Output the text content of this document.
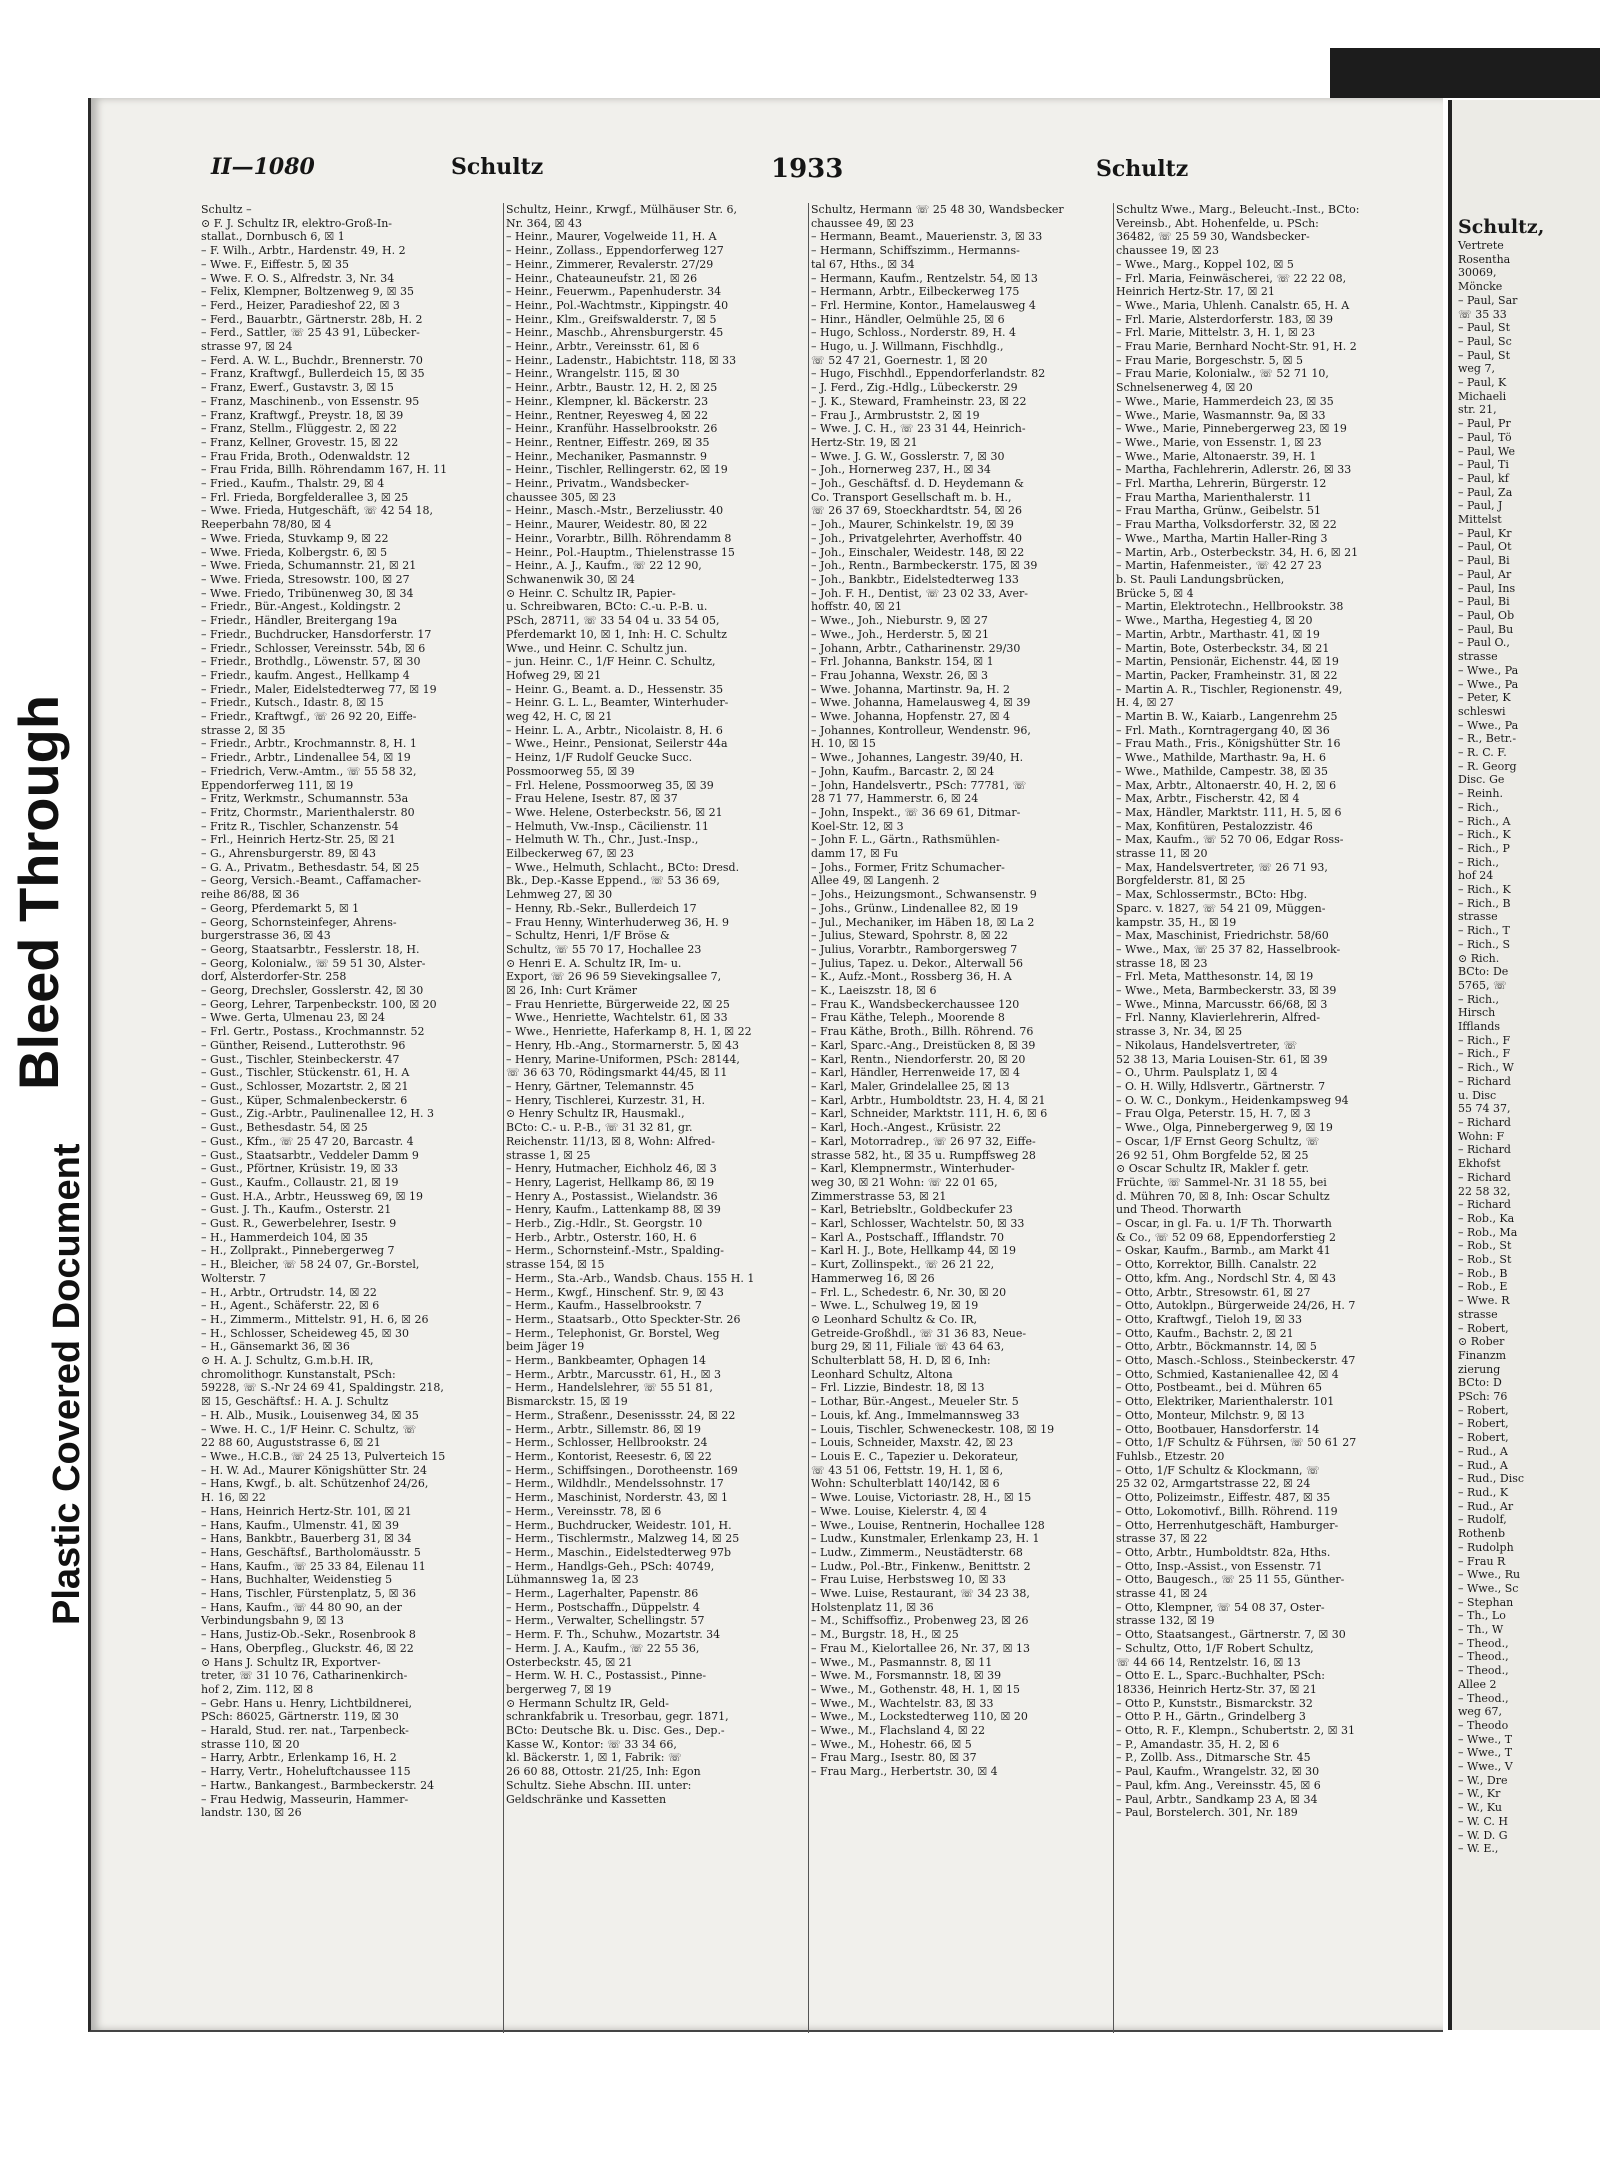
Bleed Through
Plastic Covered Document
II—1080	Schultz	1933	Schultz
Schultz –
⊙ F. J. Schultz IR, elektro-Groß-In-
stallat., Dornbusch 6, ☒ 1
– F. Wilh., Arbtr., Hardenstr. 49, H. 2
– Wwe. F., Eiffestr. 5, ☒ 35
– Wwe. F. O. S., Alfredstr. 3, Nr. 34
– Felix, Klempner, Boltzenweg 9, ☒ 35
– Ferd., Heizer, Paradieshof 22, ☒ 3
– Ferd., Bauarbtr., Gärtnerstr. 28b, H. 2
– Ferd., Sattler, ☏ 25 43 91, Lübecker-
strasse 97, ☒ 24
– Ferd. A. W. L., Buchdr., Brennerstr. 70
– Franz, Kraftwgf., Bullerdeich 15, ☒ 35
– Franz, Ewerf., Gustavstr. 3, ☒ 15
– Franz, Maschinenb., von Essenstr. 95
– Franz, Kraftwgf., Preystr. 18, ☒ 39
– Franz, Stellm., Flüggestr. 2, ☒ 22
– Franz, Kellner, Grovestr. 15, ☒ 22
– Frau Frida, Broth., Odenwaldstr. 12
– Frau Frida, Billh. Röhrendamm 167, H. 11
– Fried., Kaufm., Thalstr. 29, ☒ 4
– Frl. Frieda, Borgfelderallee 3, ☒ 25
– Wwe. Frieda, Hutgeschäft, ☏ 42 54 18,
Reeperbahn 78/80, ☒ 4
– Wwe. Frieda, Stuvkamp 9, ☒ 22
– Wwe. Frieda, Kolbergstr. 6, ☒ 5
– Wwe. Frieda, Schumannstr. 21, ☒ 21
– Wwe. Frieda, Stresowstr. 100, ☒ 27
– Wwe. Friedo, Tribünenweg 30, ☒ 34
– Friedr., Bür.-Angest., Koldingstr. 2
– Friedr., Händler, Breitergang 19a
– Friedr., Buchdrucker, Hansdorferstr. 17
– Friedr., Schlosser, Vereinsstr. 54b, ☒ 6
– Friedr., Brothdlg., Löwenstr. 57, ☒ 30
– Friedr., kaufm. Angest., Hellkamp 4
– Friedr., Maler, Eidelstedterweg 77, ☒ 19
– Friedr., Kutsch., Idastr. 8, ☒ 15
– Friedr., Kraftwgf., ☏ 26 92 20, Eiffe-
strasse 2, ☒ 35
– Friedr., Arbtr., Krochmannstr. 8, H. 1
– Friedr., Arbtr., Lindenallee 54, ☒ 19
– Friedrich, Verw.-Amtm., ☏ 55 58 32,
Eppendorferweg 111, ☒ 19
– Fritz, Werkmstr., Schumannstr. 53a
– Fritz, Chormstr., Marienthalerstr. 80
– Fritz R., Tischler, Schanzenstr. 54
– Frl., Heinrich Hertz-Str. 25, ☒ 21
– G., Ahrensburgerstr. 89, ☒ 43
– G. A., Privatm., Bethesdastr. 54, ☒ 25
– Georg, Versich.-Beamt., Caffamacher-
reihe 86/88, ☒ 36
– Georg, Pferdemarkt 5, ☒ 1
– Georg, Schornsteinfeger, Ahrens-
burgerstrasse 36, ☒ 43
– Georg, Staatsarbtr., Fesslerstr. 18, H.
– Georg, Kolonialw., ☏ 59 51 30, Alster-
dorf, Alsterdorfer-Str. 258
– Georg, Drechsler, Gosslerstr. 42, ☒ 30
– Georg, Lehrer, Tarpenbeckstr. 100, ☒ 20
– Wwe. Gerta, Ulmenau 23, ☒ 24
– Frl. Gertr., Postass., Krochmannstr. 52
– Günther, Reisend., Lutterothstr. 96
– Gust., Tischler, Steinbeckerstr. 47
– Gust., Tischler, Stückenstr. 61, H. A
– Gust., Schlosser, Mozartstr. 2, ☒ 21
– Gust., Küper, Schmalenbeckerstr. 6
– Gust., Zig.-Arbtr., Paulinenallee 12, H. 3
– Gust., Bethesdastr. 54, ☒ 25
– Gust., Kfm., ☏ 25 47 20, Barcastr. 4
– Gust., Staatsarbtr., Veddeler Damm 9
– Gust., Pförtner, Krüsistr. 19, ☒ 33
– Gust., Kaufm., Collaustr. 21, ☒ 19
– Gust. H.A., Arbtr., Heussweg 69, ☒ 19
– Gust. J. Th., Kaufm., Osterstr. 21
– Gust. R., Gewerbelehrer, Isestr. 9
– H., Hammerdeich 104, ☒ 35
– H., Zollprakt., Pinnebergerweg 7
– H., Bleicher, ☏ 58 24 07, Gr.-Borstel,
Wolterstr. 7
– H., Arbtr., Ortrudstr. 14, ☒ 22
– H., Agent., Schäferstr. 22, ☒ 6
– H., Zimmerm., Mittelstr. 91, H. 6, ☒ 26
– H., Schlosser, Scheideweg 45, ☒ 30
– H., Gänsemarkt 36, ☒ 36
⊙ H. A. J. Schultz, G.m.b.H. IR,
chromolithogr. Kunstanstalt, PSch:
59228, ☏ S.-Nr 24 69 41, Spaldingstr. 218,
☒ 15, Geschäftsf.: H. A. J. Schultz
– H. Alb., Musik., Louisenweg 34, ☒ 35
– Wwe. H. C., 1/F Heinr. C. Schultz, ☏
22 88 60, Auguststrasse 6, ☒ 21
– Wwe., H.C.B., ☏ 24 25 13, Pulverteich 15
– H. W. Ad., Maurer Königshütter Str. 24
– Hans, Kwgf., b. alt. Schützenhof 24/26,
H. 16, ☒ 22
– Hans, Heinrich Hertz-Str. 101, ☒ 21
– Hans, Kaufm., Ulmenstr. 41, ☒ 39
– Hans, Bankbtr., Bauerberg 31, ☒ 34
– Hans, Geschäftsf., Bartholomäusstr. 5
– Hans, Kaufm., ☏ 25 33 84, Eilenau 11
– Hans, Buchhalter, Weidenstieg 5
– Hans, Tischler, Fürstenplatz, 5, ☒ 36
– Hans, Kaufm., ☏ 44 80 90, an der
Verbindungsbahn 9, ☒ 13
– Hans, Justiz-Ob.-Sekr., Rosenbrook 8
– Hans, Oberpfleg., Gluckstr. 46, ☒ 22
⊙ Hans J. Schultz IR, Exportver-
treter, ☏ 31 10 76, Catharinenkirch-
hof 2, Zim. 112, ☒ 8
– Gebr. Hans u. Henry, Lichtbildnerei,
PSch: 86025, Gärtnerstr. 119, ☒ 30
– Harald, Stud. rer. nat., Tarpenbeck-
strasse 110, ☒ 20
– Harry, Arbtr., Erlenkamp 16, H. 2
– Harry, Vertr., Hoheluftchaussee 115
– Hartw., Bankangest., Barmbeckerstr. 24
– Frau Hedwig, Masseurin, Hammer-
landstr. 130, ☒ 26
Schultz, Heinr., Krwgf., Mülhäuser Str. 6,
Nr. 364, ☒ 43
– Heinr., Maurer, Vogelweide 11, H. A
– Heinr., Zollass., Eppendorferweg 127
– Heinr., Zimmerer, Revalerstr. 27/29
– Heinr., Chateauneufstr. 21, ☒ 26
– Heinr., Feuerwm., Papenhuderstr. 34
– Heinr., Pol.-Wachtmstr., Kippingstr. 40
– Heinr., Klm., Greifswalderstr. 7, ☒ 5
– Heinr., Maschb., Ahrensburgerstr. 45
– Heinr., Arbtr., Vereinsstr. 61, ☒ 6
– Heinr., Ladenstr., Habichtstr. 118, ☒ 33
– Heinr., Wrangelstr. 115, ☒ 30
– Heinr., Arbtr., Baustr. 12, H. 2, ☒ 25
– Heinr., Klempner, kl. Bäckerstr. 23
– Heinr., Rentner, Reyesweg 4, ☒ 22
– Heinr., Kranführ. Hasselbrookstr. 26
– Heinr., Rentner, Eiffestr. 269, ☒ 35
– Heinr., Mechaniker, Pasmannstr. 9
– Heinr., Tischler, Rellingerstr. 62, ☒ 19
– Heinr., Privatm., Wandsbecker-
chaussee 305, ☒ 23
– Heinr., Masch.-Mstr., Berzeliusstr. 40
– Heinr., Maurer, Weidestr. 80, ☒ 22
– Heinr., Vorarbtr., Billh. Röhrendamm 8
– Heinr., Pol.-Hauptm., Thielenstrasse 15
– Heinr., A. J., Kaufm., ☏ 22 12 90,
Schwanenwik 30, ☒ 24
⊙ Heinr. C. Schultz IR, Papier-
u. Schreibwaren, BCto: C.-u. P.-B. u.
PSch, 28711, ☏ 33 54 04 u. 33 54 05,
Pferdemarkt 10, ☒ 1, Inh: H. C. Schultz
Wwe., und Heinr. C. Schultz jun.
– jun. Heinr. C., 1/F Heinr. C. Schultz,
Hofweg 29, ☒ 21
– Heinr. G., Beamt. a. D., Hessenstr. 35
– Heinr. G. L. L., Beamter, Winterhuder-
weg 42, H. C, ☒ 21
– Heinr. L. A., Arbtr., Nicolaistr. 8, H. 6
– Wwe., Heinr., Pensionat, Seilerstr 44a
– Heinz, 1/F Rudolf Geucke Succ.
Possmoorweg 55, ☒ 39
– Frl. Helene, Possmoorweg 35, ☒ 39
– Frau Helene, Isestr. 87, ☒ 37
– Wwe. Helene, Osterbeckstr. 56, ☒ 21
– Helmuth, Vw.-Insp., Cäcilienstr. 11
– Helmuth W. Th., Chr., Just.-Insp.,
Eilbeckerweg 67, ☒ 23
– Wwe., Helmuth, Schlacht., BCto: Dresd.
Bk., Dep.-Kasse Eppend., ☏ 53 36 69,
Lehmweg 27, ☒ 30
– Henny, Rb.-Sekr., Bullerdeich 17
– Frau Henny, Winterhuderweg 36, H. 9
– Schultz, Henri, 1/F Bröse &
Schultz, ☏ 55 70 17, Hochallee 23
⊙ Henri E. A. Schultz IR, Im- u.
Export, ☏ 26 96 59 Sievekingsallee 7,
☒ 26, Inh: Curt Krämer
– Frau Henriette, Bürgerweide 22, ☒ 25
– Wwe., Henriette, Wachtelstr. 61, ☒ 33
– Wwe., Henriette, Haferkamp 8, H. 1, ☒ 22
– Henry, Hb.-Ang., Stormarnerstr. 5, ☒ 43
– Henry, Marine-Uniformen, PSch: 28144,
☏ 36 63 70, Rödingsmarkt 44/45, ☒ 11
– Henry, Gärtner, Telemannstr. 45
– Henry, Tischlerei, Kurzestr. 31, H.
⊙ Henry Schultz IR, Hausmakl.,
BCto: C.- u. P.-B., ☏ 31 32 81, gr.
Reichenstr. 11/13, ☒ 8, Wohn: Alfred-
strasse 1, ☒ 25
– Henry, Hutmacher, Eichholz 46, ☒ 3
– Henry, Lagerist, Hellkamp 86, ☒ 19
– Henry A., Postassist., Wielandstr. 36
– Henry, Kaufm., Lattenkamp 88, ☒ 39
– Herb., Zig.-Hdlr., St. Georgstr. 10
– Herb., Arbtr., Osterstr. 160, H. 6
– Herm., Schornsteinf.-Mstr., Spalding-
strasse 154, ☒ 15
– Herm., Sta.-Arb., Wandsb. Chaus. 155 H. 1
– Herm., Kwgf., Hinschenf. Str. 9, ☒ 43
– Herm., Kaufm., Hasselbrookstr. 7
– Herm., Staatsarb., Otto Speckter-Str. 26
– Herm., Telephonist, Gr. Borstel, Weg
beim Jäger 19
– Herm., Bankbeamter, Ophagen 14
– Herm., Arbtr., Marcusstr. 61, H., ☒ 3
– Herm., Handelslehrer, ☏ 55 51 81,
Bismarckstr. 15, ☒ 19
– Herm., Straßenr., Desenissstr. 24, ☒ 22
– Herm., Arbtr., Sillemstr. 86, ☒ 19
– Herm., Schlosser, Hellbrookstr. 24
– Herm., Kontorist, Reesestr. 6, ☒ 22
– Herm., Schiffsingen., Dorotheenstr. 169
– Herm., Wildhdlr., Mendelssohnstr. 17
– Herm., Maschinist, Norderstr. 43, ☒ 1
– Herm., Vereinsstr. 78, ☒ 6
– Herm., Buchdrucker, Weidestr. 101, H.
– Herm., Tischlermstr., Malzweg 14, ☒ 25
– Herm., Maschin., Eidelstedterweg 97b
– Herm., Handlgs-Geh., PSch: 40749,
Lühmannsweg 1a, ☒ 23
– Herm., Lagerhalter, Papenstr. 86
– Herm., Postschaffn., Düppelstr. 4
– Herm., Verwalter, Schellingstr. 57
– Herm. F. Th., Schuhw., Mozartstr. 34
– Herm. J. A., Kaufm., ☏ 22 55 36,
Osterbeckstr. 45, ☒ 21
– Herm. W. H. C., Postassist., Pinne-
bergerweg 7, ☒ 19
⊙ Hermann Schultz IR, Geld-
schrankfabrik u. Tresorbau, gegr. 1871,
BCto: Deutsche Bk. u. Disc. Ges., Dep.-
Kasse W., Kontor: ☏ 33 34 66,
kl. Bäckerstr. 1, ☒ 1, Fabrik: ☏
26 60 88, Ottostr. 21/25, Inh: Egon
Schultz. Siehe Abschn. III. unter:
Geldschränke und Kassetten
Schultz, Hermann ☏ 25 48 30, Wandsbecker
chaussee 49, ☒ 23
– Hermann, Beamt., Mauerienstr. 3, ☒ 33
– Hermann, Schiffszimm., Hermanns-
tal 67, Hths., ☒ 34
– Hermann, Kaufm., Rentzelstr. 54, ☒ 13
– Hermann, Arbtr., Eilbeckerweg 175
– Frl. Hermine, Kontor., Hamelausweg 4
– Hinr., Händler, Oelmühle 25, ☒ 6
– Hugo, Schloss., Norderstr. 89, H. 4
– Hugo, u. J. Willmann, Fischhdlg.,
☏ 52 47 21, Goernestr. 1, ☒ 20
– Hugo, Fischhdl., Eppendorferlandstr. 82
– J. Ferd., Zig.-Hdlg., Lübeckerstr. 29
– J. K., Steward, Framheinstr. 23, ☒ 22
– Frau J., Armbruststr. 2, ☒ 19
– Wwe. J. C. H., ☏ 23 31 44, Heinrich-
Hertz-Str. 19, ☒ 21
– Wwe. J. G. W., Gosslerstr. 7, ☒ 30
– Joh., Hornerweg 237, H., ☒ 34
– Joh., Geschäftsf. d. D. Heydemann &
Co. Transport Gesellschaft m. b. H.,
☏ 26 37 69, Stoeckhardtstr. 54, ☒ 26
– Joh., Maurer, Schinkelstr. 19, ☒ 39
– Joh., Privatgelehrter, Averhoffstr. 40
– Joh., Einschaler, Weidestr. 148, ☒ 22
– Joh., Rentn., Barmbeckerstr. 175, ☒ 39
– Joh., Bankbtr., Eidelstedterweg 133
– Joh. F. H., Dentist, ☏ 23 02 33, Aver-
hoffstr. 40, ☒ 21
– Wwe., Joh., Nieburstr. 9, ☒ 27
– Wwe., Joh., Herderstr. 5, ☒ 21
– Johann, Arbtr., Catharinenstr. 29/30
– Frl. Johanna, Bankstr. 154, ☒ 1
– Frau Johanna, Wexstr. 26, ☒ 3
– Wwe. Johanna, Martinstr. 9a, H. 2
– Wwe. Johanna, Hamelausweg 4, ☒ 39
– Wwe. Johanna, Hopfenstr. 27, ☒ 4
– Johannes, Kontrolleur, Wendenstr. 96,
H. 10, ☒ 15
– Wwe., Johannes, Langestr. 39/40, H.
– John, Kaufm., Barcastr. 2, ☒ 24
– John, Handelsvertr., PSch: 77781, ☏
28 71 77, Hammerstr. 6, ☒ 24
– John, Inspekt., ☏ 36 69 61, Ditmar-
Koel-Str. 12, ☒ 3
– John F. L., Gärtn., Rathsmühlen-
damm 17, ☒ Fu
– Johs., Former, Fritz Schumacher-
Allee 49, ☒ Langenh. 2
– Johs., Heizungsmont., Schwansenstr. 9
– Johs., Grünw., Lindenallee 82, ☒ 19
– Jul., Mechaniker, im Häben 18, ☒ La 2
– Julius, Steward, Spohrstr. 8, ☒ 22
– Julius, Vorarbtr., Ramborgersweg 7
– Julius, Tapez. u. Dekor., Alterwall 56
– K., Aufz.-Mont., Rossberg 36, H. A
– K., Laeiszstr. 18, ☒ 6
– Frau K., Wandsbeckerchaussee 120
– Frau Käthe, Teleph., Moorende 8
– Frau Käthe, Broth., Billh. Röhrend. 76
– Karl, Sparc.-Ang., Dreistücken 8, ☒ 39
– Karl, Rentn., Niendorferstr. 20, ☒ 20
– Karl, Händler, Herrenweide 17, ☒ 4
– Karl, Maler, Grindelallee 25, ☒ 13
– Karl, Arbtr., Humboldtstr. 23, H. 4, ☒ 21
– Karl, Schneider, Marktstr. 111, H. 6, ☒ 6
– Karl, Hoch.-Angest., Krüsistr. 22
– Karl, Motorradrep., ☏ 26 97 32, Eiffe-
strasse 582, ht., ☒ 35 u. Rumpffsweg 28
– Karl, Klempnermstr., Winterhuder-
weg 30, ☒ 21 Wohn: ☏ 22 01 65,
Zimmerstrasse 53, ☒ 21
– Karl, Betriebsltr., Goldbeckufer 23
– Karl, Schlosser, Wachtelstr. 50, ☒ 33
– Karl A., Postschaff., Ifflandstr. 70
– Karl H. J., Bote, Hellkamp 44, ☒ 19
– Kurt, Zollinspekt., ☏ 26 21 22,
Hammerweg 16, ☒ 26
– Frl. L., Schedestr. 6, Nr. 30, ☒ 20
– Wwe. L., Schulweg 19, ☒ 19
⊙ Leonhard Schultz & Co. IR,
Getreide-Großhdl., ☏ 31 36 83, Neue-
burg 29, ☒ 11, Filiale ☏ 43 64 63,
Schulterblatt 58, H. D, ☒ 6, Inh:
Leonhard Schultz, Altona
– Frl. Lizzie, Bindestr. 18, ☒ 13
– Lothar, Bür.-Angest., Meueler Str. 5
– Louis, kf. Ang., Immelmannsweg 33
– Louis, Tischler, Schweneckestr. 108, ☒ 19
– Louis, Schneider, Maxstr. 42, ☒ 23
– Louis E. C., Tapezier u. Dekorateur,
☏ 43 51 06, Fettstr. 19, H. 1, ☒ 6,
Wohn: Schulterblatt 140/142, ☒ 6
– Wwe. Louise, Victoriastr. 28, H., ☒ 15
– Wwe. Louise, Kielerstr. 4, ☒ 4
– Wwe., Louise, Rentnerin, Hochallee 128
– Ludw., Kunstmaler, Erlenkamp 23, H. 1
– Ludw., Zimmerm., Neustädterstr. 68
– Ludw., Pol.-Btr., Finkenw., Benittstr. 2
– Frau Luise, Herbstsweg 10, ☒ 33
– Wwe. Luise, Restaurant, ☏ 34 23 38,
Holstenplatz 11, ☒ 36
– M., Schiffsoffiz., Probenweg 23, ☒ 26
– M., Burgstr. 18, H., ☒ 25
– Frau M., Kielortallee 26, Nr. 37, ☒ 13
– Wwe., M., Pasmannstr. 8, ☒ 11
– Wwe. M., Forsmannstr. 18, ☒ 39
– Wwe., M., Gothenstr. 48, H. 1, ☒ 15
– Wwe., M., Wachtelstr. 83, ☒ 33
– Wwe., M., Lockstedterweg 110, ☒ 20
– Wwe., M., Flachsland 4, ☒ 22
– Wwe., M., Hohestr. 66, ☒ 5
– Frau Marg., Isestr. 80, ☒ 37
– Frau Marg., Herbertstr. 30, ☒ 4
Schultz Wwe., Marg., Beleucht.-Inst., BCto:
Vereinsb., Abt. Hohenfelde, u. PSch:
36482, ☏ 25 59 30, Wandsbecker-
chaussee 19, ☒ 23
– Wwe., Marg., Koppel 102, ☒ 5
– Frl. Maria, Feinwäscherei, ☏ 22 22 08,
Heinrich Hertz-Str. 17, ☒ 21
– Wwe., Maria, Uhlenh. Canalstr. 65, H. A
– Frl. Marie, Alsterdorferstr. 183, ☒ 39
– Frl. Marie, Mittelstr. 3, H. 1, ☒ 23
– Frau Marie, Bernhard Nocht-Str. 91, H. 2
– Frau Marie, Borgeschstr. 5, ☒ 5
– Frau Marie, Kolonialw., ☏ 52 71 10,
Schnelsenerweg 4, ☒ 20
– Wwe., Marie, Hammerdeich 23, ☒ 35
– Wwe., Marie, Wasmannstr. 9a, ☒ 33
– Wwe., Marie, Pinnebergerweg 23, ☒ 19
– Wwe., Marie, von Essenstr. 1, ☒ 23
– Wwe., Marie, Altonaerstr. 39, H. 1
– Martha, Fachlehrerin, Adlerstr. 26, ☒ 33
– Frl. Martha, Lehrerin, Bürgerstr. 12
– Frau Martha, Marienthalerstr. 11
– Frau Martha, Grünw., Geibelstr. 51
– Frau Martha, Volksdorferstr. 32, ☒ 22
– Wwe., Martha, Martin Haller-Ring 3
– Martin, Arb., Osterbeckstr. 34, H. 6, ☒ 21
– Martin, Hafenmeister., ☏ 42 27 23
b. St. Pauli Landungsbrücken,
Brücke 5, ☒ 4
– Martin, Elektrotechn., Hellbrookstr. 38
– Wwe., Martha, Hegestieg 4, ☒ 20
– Martin, Arbtr., Marthastr. 41, ☒ 19
– Martin, Bote, Osterbeckstr. 34, ☒ 21
– Martin, Pensionär, Eichenstr. 44, ☒ 19
– Martin, Packer, Framheinstr. 31, ☒ 22
– Martin A. R., Tischler, Regionenstr. 49,
H. 4, ☒ 27
– Martin B. W., Kaiarb., Langenrehm 25
– Frl. Math., Korntragergang 40, ☒ 36
– Frau Math., Fris., Königshütter Str. 16
– Wwe., Mathilde, Marthastr. 9a, H. 6
– Wwe., Mathilde, Campestr. 38, ☒ 35
– Max, Arbtr., Altonaerstr. 40, H. 2, ☒ 6
– Max, Arbtr., Fischerstr. 42, ☒ 4
– Max, Händler, Marktstr. 111, H. 5, ☒ 6
– Max, Konfitüren, Pestalozzistr. 46
– Max, Kaufm., ☏ 52 70 06, Edgar Ross-
strasse 11, ☒ 20
– Max, Handelsvertreter, ☏ 26 71 93,
Borgfelderstr. 81, ☒ 25
– Max, Schlossermstr., BCto: Hbg.
Sparc. v. 1827, ☏ 54 21 09, Müggen-
kampstr. 35, H., ☒ 19
– Max, Maschinist, Friedrichstr. 58/60
– Wwe., Max, ☏ 25 37 82, Hasselbrook-
strasse 18, ☒ 23
– Frl. Meta, Matthesonstr. 14, ☒ 19
– Wwe., Meta, Barmbeckerstr. 33, ☒ 39
– Wwe., Minna, Marcusstr. 66/68, ☒ 3
– Frl. Nanny, Klavierlehrerin, Alfred-
strasse 3, Nr. 34, ☒ 25
– Nikolaus, Handelsvertreter, ☏
52 38 13, Maria Louisen-Str. 61, ☒ 39
– O., Uhrm. Paulsplatz 1, ☒ 4
– O. H. Willy, Hdlsvertr., Gärtnerstr. 7
– O. W. C., Donkym., Heidenkampsweg 94
– Frau Olga, Peterstr. 15, H. 7, ☒ 3
– Wwe., Olga, Pinnebergerweg 9, ☒ 19
– Oscar, 1/F Ernst Georg Schultz, ☏
26 92 51, Ohm Borgfelde 52, ☒ 25
⊙ Oscar Schultz IR, Makler f. getr.
Früchte, ☏ Sammel-Nr. 31 18 55, bei
d. Mühren 70, ☒ 8, Inh: Oscar Schultz
und Theod. Thorwarth
– Oscar, in gl. Fa. u. 1/F Th. Thorwarth
& Co., ☏ 52 09 68, Eppendorferstieg 2
– Oskar, Kaufm., Barmb., am Markt 41
– Otto, Korrektor, Billh. Canalstr. 22
– Otto, kfm. Ang., Nordschl Str. 4, ☒ 43
– Otto, Arbtr., Stresowstr. 61, ☒ 27
– Otto, Autoklpn., Bürgerweide 24/26, H. 7
– Otto, Kraftwgf., Tieloh 19, ☒ 33
– Otto, Kaufm., Bachstr. 2, ☒ 21
– Otto, Arbtr., Böckmannstr. 14, ☒ 5
– Otto, Masch.-Schloss., Steinbeckerstr. 47
– Otto, Schmied, Kastanienallee 42, ☒ 4
– Otto, Postbeamt., bei d. Mühren 65
– Otto, Elektriker, Marienthalerstr. 101
– Otto, Monteur, Milchstr. 9, ☒ 13
– Otto, Bootbauer, Hansdorferstr. 14
– Otto, 1/F Schultz & Führsen, ☏ 50 61 27
Fuhlsb., Etzestr. 20
– Otto, 1/F Schultz & Klockmann, ☏
25 32 02, Armgartstrasse 22, ☒ 24
– Otto, Polizeimstr., Eiffestr. 487, ☒ 35
– Otto, Lokomotivf., Billh. Röhrend. 119
– Otto, Herrenhutgeschäft, Hamburger-
strasse 37, ☒ 22
– Otto, Arbtr., Humboldtstr. 82a, Hths.
– Otto, Insp.-Assist., von Essenstr. 71
– Otto, Baugesch., ☏ 25 11 55, Günther-
strasse 41, ☒ 24
– Otto, Klempner, ☏ 54 08 37, Oster-
strasse 132, ☒ 19
– Otto, Staatsangest., Gärtnerstr. 7, ☒ 30
– Schultz, Otto, 1/F Robert Schultz,
☏ 44 66 14, Rentzelstr. 16, ☒ 13
– Otto E. L., Sparc.-Buchhalter, PSch:
18336, Heinrich Hertz-Str. 37, ☒ 21
– Otto P., Kunststr., Bismarckstr. 32
– Otto P. H., Gärtn., Grindelberg 3
– Otto, R. F., Klempn., Schubertstr. 2, ☒ 31
– P., Amandastr. 35, H. 2, ☒ 6
– P., Zollb. Ass., Ditmarsche Str. 45
– Paul, Kaufm., Wrangelstr. 32, ☒ 30
– Paul, kfm. Ang., Vereinsstr. 45, ☒ 6
– Paul, Arbtr., Sandkamp 23 A, ☒ 34
– Paul, Borstelerch. 301, Nr. 189
Schultz,
Vertrete
Rosentha
30069,
Möncke
– Paul, Sar
☏ 35 33
– Paul, St
– Paul, Sc
– Paul, St
weg 7,
– Paul, K
Michaeli
str. 21,
– Paul, Pr
– Paul, Tö
– Paul, We
– Paul, Ti
– Paul, kf
– Paul, Za
– Paul, J
Mittelst
– Paul, Kr
– Paul, Ot
– Paul, Bi
– Paul, Ar
– Paul, Ins
– Paul, Bi
– Paul, Ob
– Paul, Bu
– Paul O.,
strasse
– Wwe., Pa
– Wwe., Pa
– Peter, K
schleswi
– Wwe., Pa
– R., Betr.-
– R. C. F.
– R. Georg
Disc. Ge
– Reinh.
– Rich.,
– Rich., A
– Rich., K
– Rich., P
– Rich.,
hof 24
– Rich., K
– Rich., B
strasse
– Rich., T
– Rich., S
⊙ Rich.
BCto: De
5765, ☏
– Rich.,
Hirsch
Ifflands
– Rich., F
– Rich., F
– Rich., W
– Richard
u. Disc
55 74 37,
– Richard
Wohn: F
– Richard
Ekhofst
– Richard
22 58 32,
– Richard
– Rob., Ka
– Rob., Ma
– Rob., St
– Rob., St
– Rob., B
– Rob., E
– Wwe. R
strasse
– Robert,
⊙ Rober
Finanzm
zierung
BCto: D
PSch: 76
– Robert,
– Robert,
– Robert,
– Rud., A
– Rud., A
– Rud., Disc
– Rud., K
– Rud., Ar
– Rudolf,
Rothenb
– Rudolph
– Frau R
– Wwe., Ru
– Wwe., Sc
– Stephan
– Th., Lo
– Th., W
– Theod.,
– Theod.,
– Theod.,
Allee 2
– Theod.,
weg 67,
– Theodo
– Wwe., T
– Wwe., T
– Wwe., V
– W., Dre
– W., Kr
– W., Ku
– W. C. H
– W. D. G
– W. E.,
